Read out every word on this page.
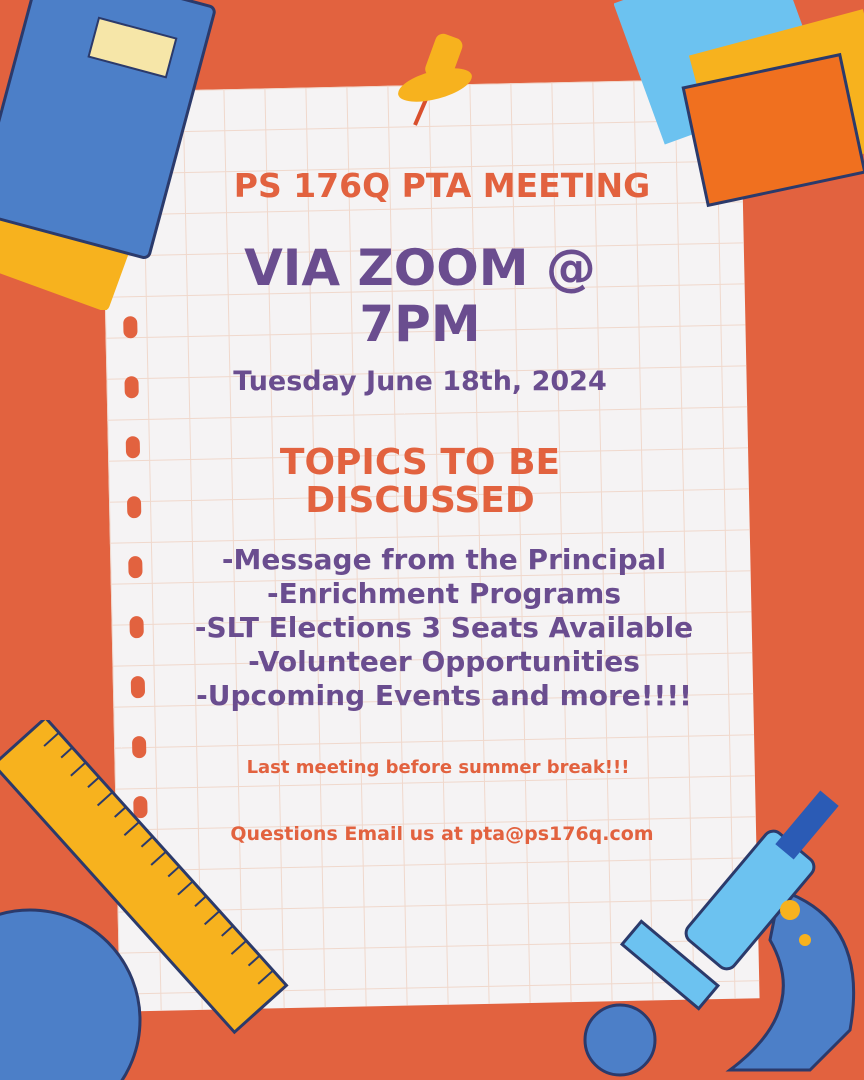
PS 176Q PTA MEETING
VIA ZOOM @
7PM
Tuesday June 18th, 2024
TOPICS TO BE
DISCUSSED
-Message from the Principal
-Enrichment Programs
-SLT Elections 3 Seats Available
-Volunteer Opportunities
-Upcoming Events and more!!!!
Last meeting before summer break!!!
Questions Email us at pta@ps176q.com
